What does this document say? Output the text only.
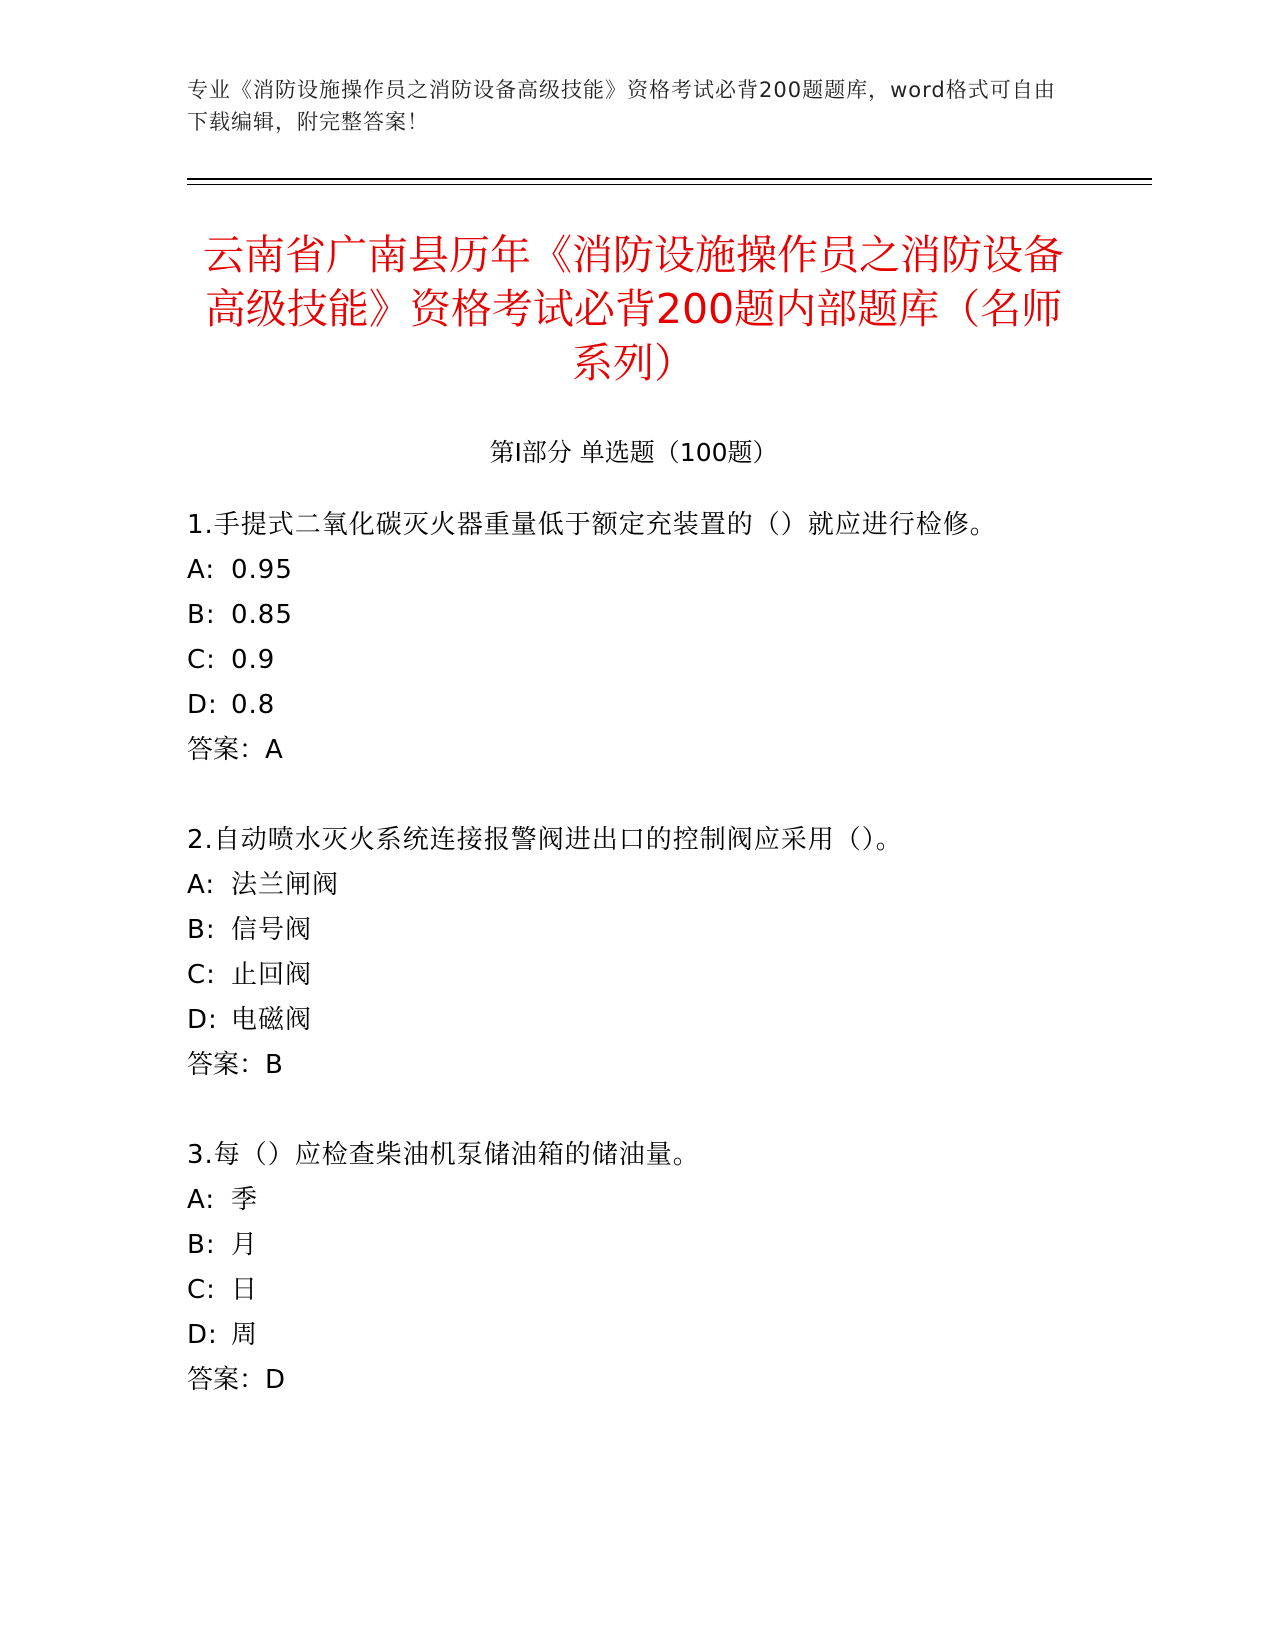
专业《消防设施操作员之消防设备高级技能》资格考试必背200题题库，word格式可自由下载编辑，附完整答案！
云南省广南县历年《消防设施操作员之消防设备高级技能》资格考试必背200题内部题库（名师系列）
第Ⅰ部分 单选题（100题）
1.手提式二氧化碳灭火器重量低于额定充装置的（）就应进行检修。
A: 0.95
B: 0.85
C: 0.9
D: 0.8
答案：A
2.自动喷水灭火系统连接报警阀进出口的控制阀应采用（）。
A: 法兰闸阀
B: 信号阀
C: 止回阀
D: 电磁阀
答案：B
3.每（）应检查柴油机泵储油箱的储油量。
A: 季
B: 月
C: 日
D: 周
答案：D
